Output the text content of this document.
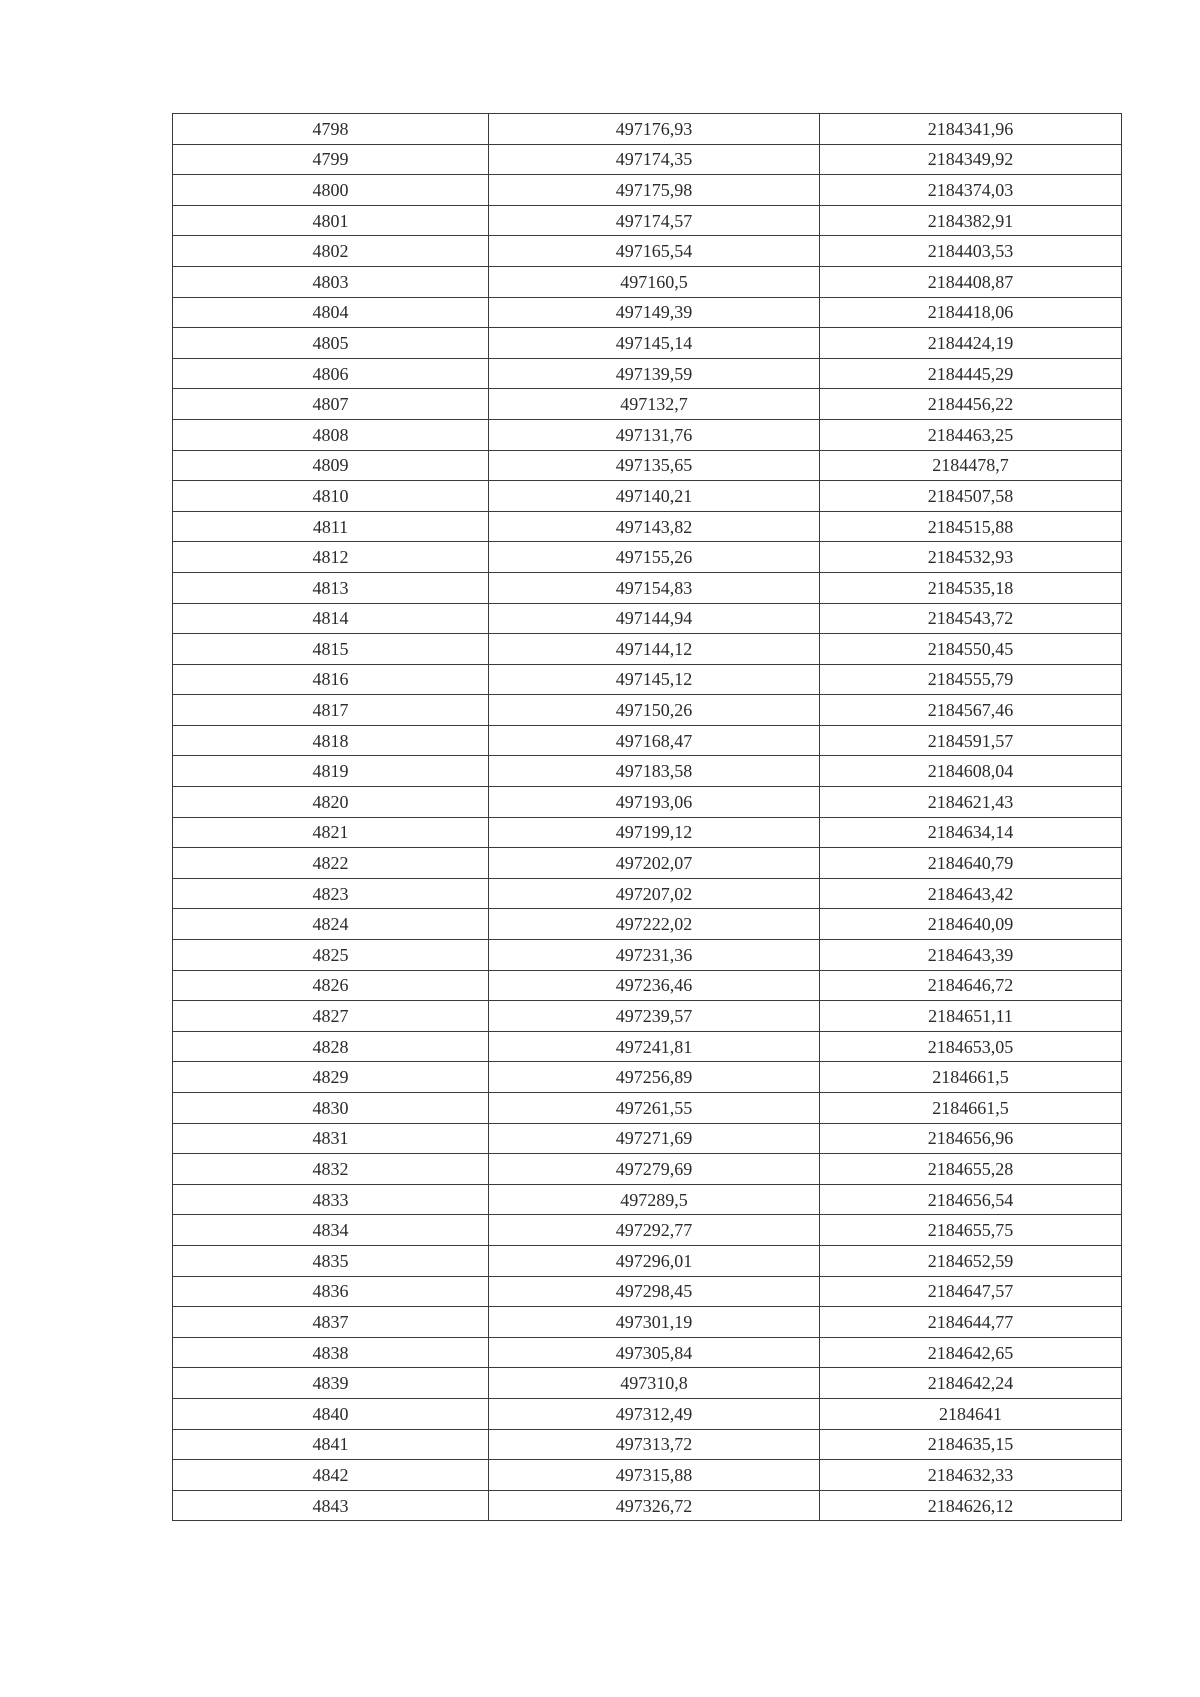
4798	497176,93	2184341,96
4799	497174,35	2184349,92
4800	497175,98	2184374,03
4801	497174,57	2184382,91
4802	497165,54	2184403,53
4803	497160,5	2184408,87
4804	497149,39	2184418,06
4805	497145,14	2184424,19
4806	497139,59	2184445,29
4807	497132,7	2184456,22
4808	497131,76	2184463,25
4809	497135,65	2184478,7
4810	497140,21	2184507,58
4811	497143,82	2184515,88
4812	497155,26	2184532,93
4813	497154,83	2184535,18
4814	497144,94	2184543,72
4815	497144,12	2184550,45
4816	497145,12	2184555,79
4817	497150,26	2184567,46
4818	497168,47	2184591,57
4819	497183,58	2184608,04
4820	497193,06	2184621,43
4821	497199,12	2184634,14
4822	497202,07	2184640,79
4823	497207,02	2184643,42
4824	497222,02	2184640,09
4825	497231,36	2184643,39
4826	497236,46	2184646,72
4827	497239,57	2184651,11
4828	497241,81	2184653,05
4829	497256,89	2184661,5
4830	497261,55	2184661,5
4831	497271,69	2184656,96
4832	497279,69	2184655,28
4833	497289,5	2184656,54
4834	497292,77	2184655,75
4835	497296,01	2184652,59
4836	497298,45	2184647,57
4837	497301,19	2184644,77
4838	497305,84	2184642,65
4839	497310,8	2184642,24
4840	497312,49	2184641
4841	497313,72	2184635,15
4842	497315,88	2184632,33
4843	497326,72	2184626,12
